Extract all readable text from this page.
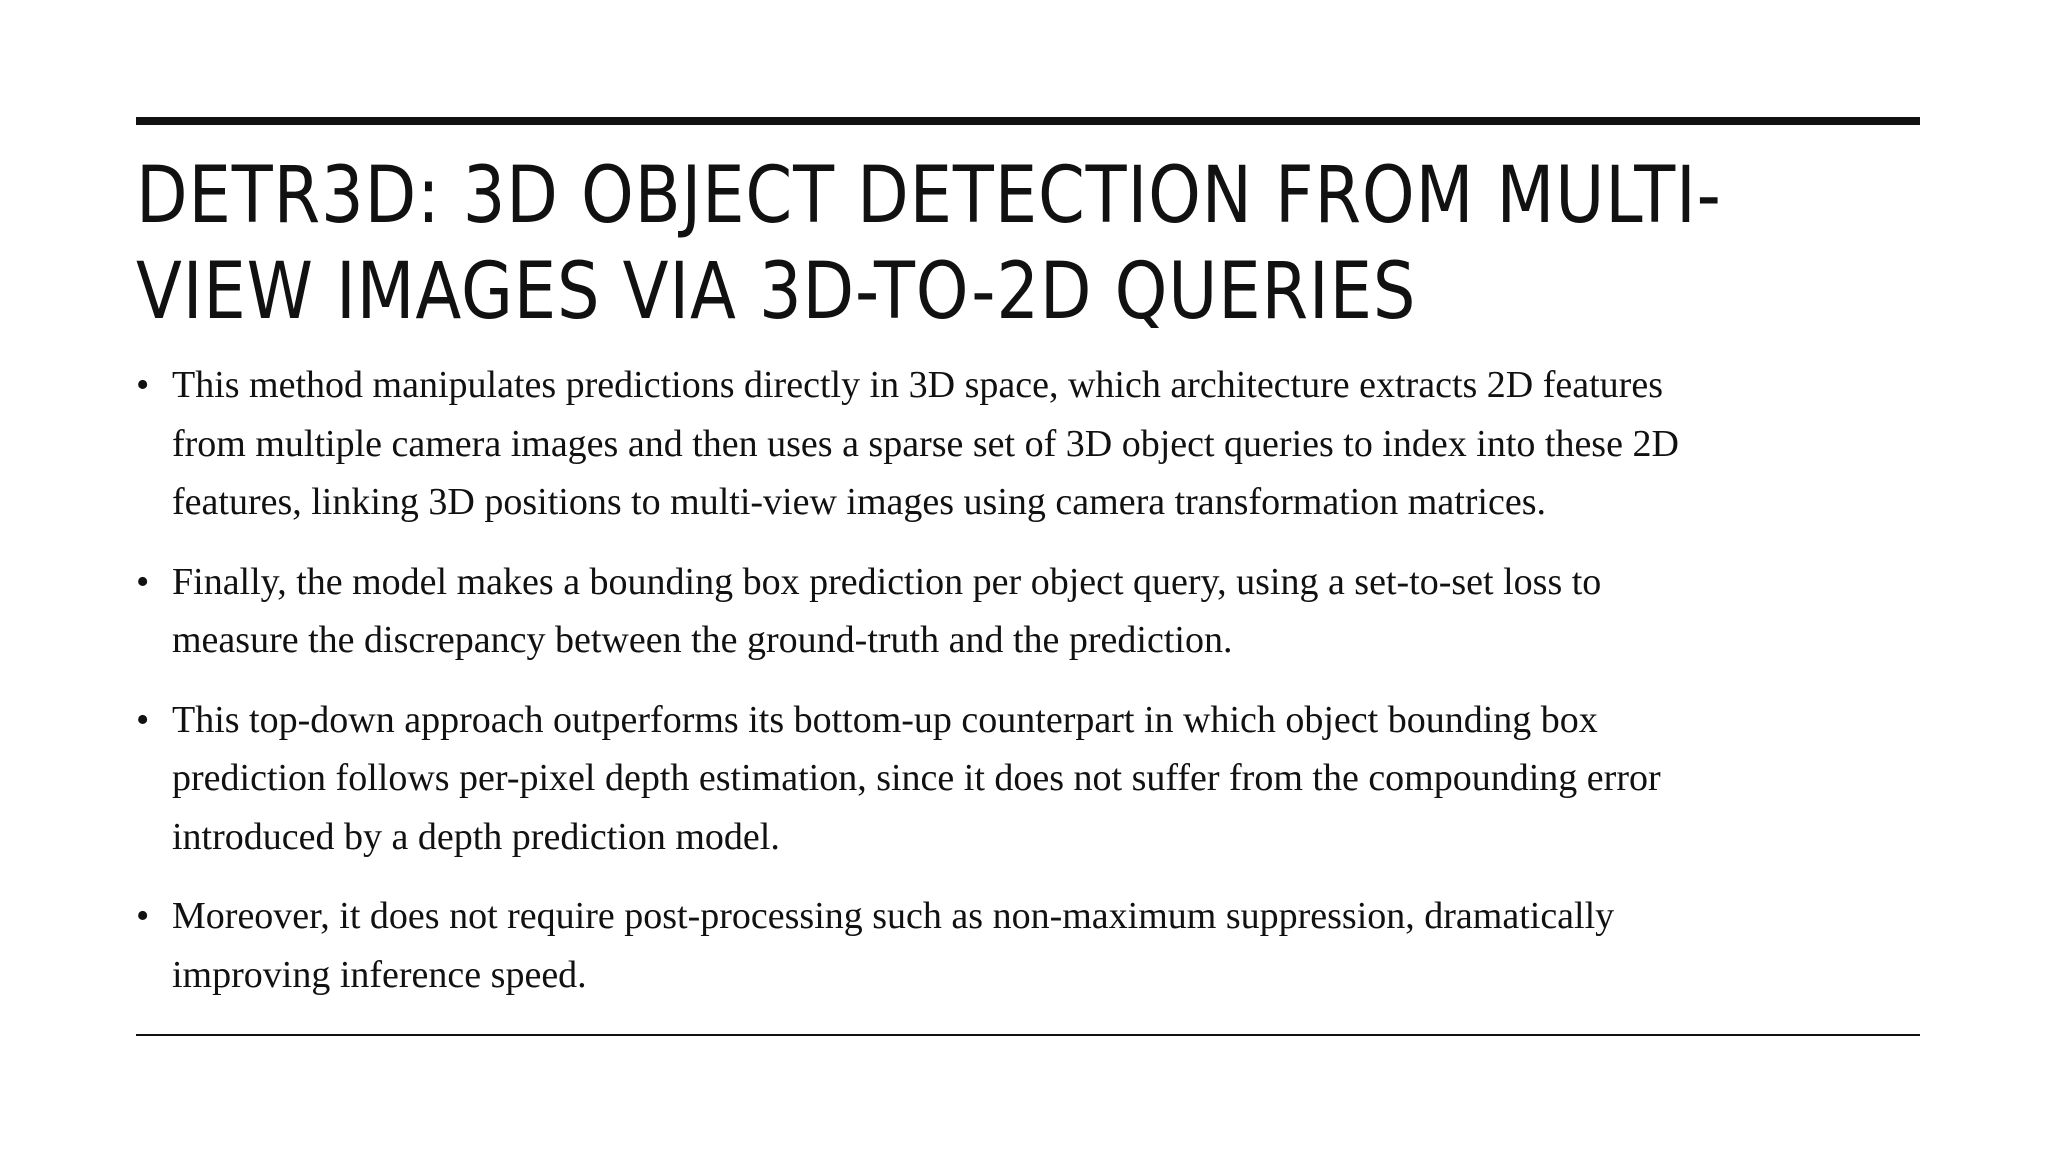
DETR3D: 3D OBJECT DETECTION FROM MULTI-
VIEW IMAGES VIA 3D-TO-2D QUERIES
• This method manipulates predictions directly in 3D space, which architecture extracts 2D features
from multiple camera images and then uses a sparse set of 3D object queries to index into these 2D
features, linking 3D positions to multi-view images using camera transformation matrices.
• Finally, the model makes a bounding box prediction per object query, using a set-to-set loss to
measure the discrepancy between the ground-truth and the prediction.
• This top-down approach outperforms its bottom-up counterpart in which object bounding box
prediction follows per-pixel depth estimation, since it does not suffer from the compounding error
introduced by a depth prediction model.
• Moreover, it does not require post-processing such as non-maximum suppression, dramatically
improving inference speed.
